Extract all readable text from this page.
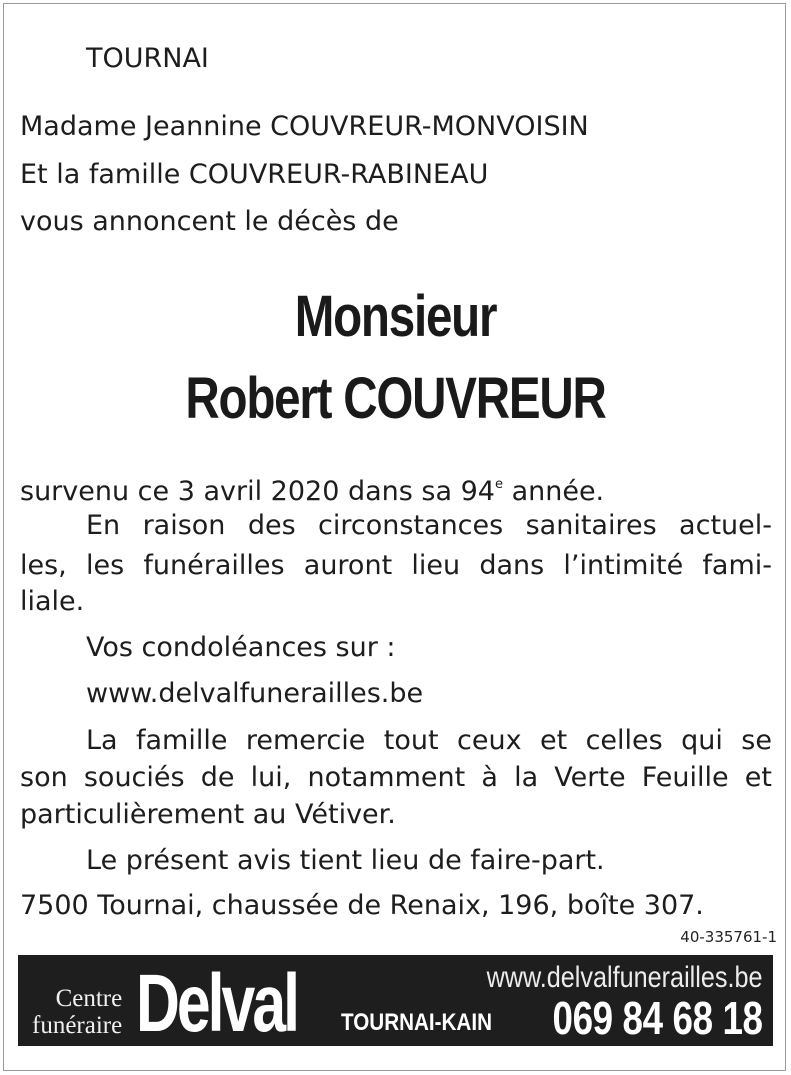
TOURNAI
Madame Jeannine COUVREUR-MONVOISIN
Et la famille COUVREUR-RABINEAU
vous annoncent le décès de
Monsieur
Robert COUVREUR
survenu ce 3 avril 2020 dans sa 94e année.
En raison des circonstances sanitaires actuel-
les, les funérailles auront lieu dans l’intimité fami-
liale.
Vos condoléances sur :
www.delvalfunerailles.be
La famille remercie tout ceux et celles qui se
son souciés de lui, notamment à la Verte Feuille et
particulièrement au Vétiver.
Le présent avis tient lieu de faire-part.
7500 Tournai, chaussée de Renaix, 196, boîte 307.
40-335761-1
Centre
funéraire Delval	www.delvalfunerailles.be
TOURNAI-KAIN 069 84 68 18
